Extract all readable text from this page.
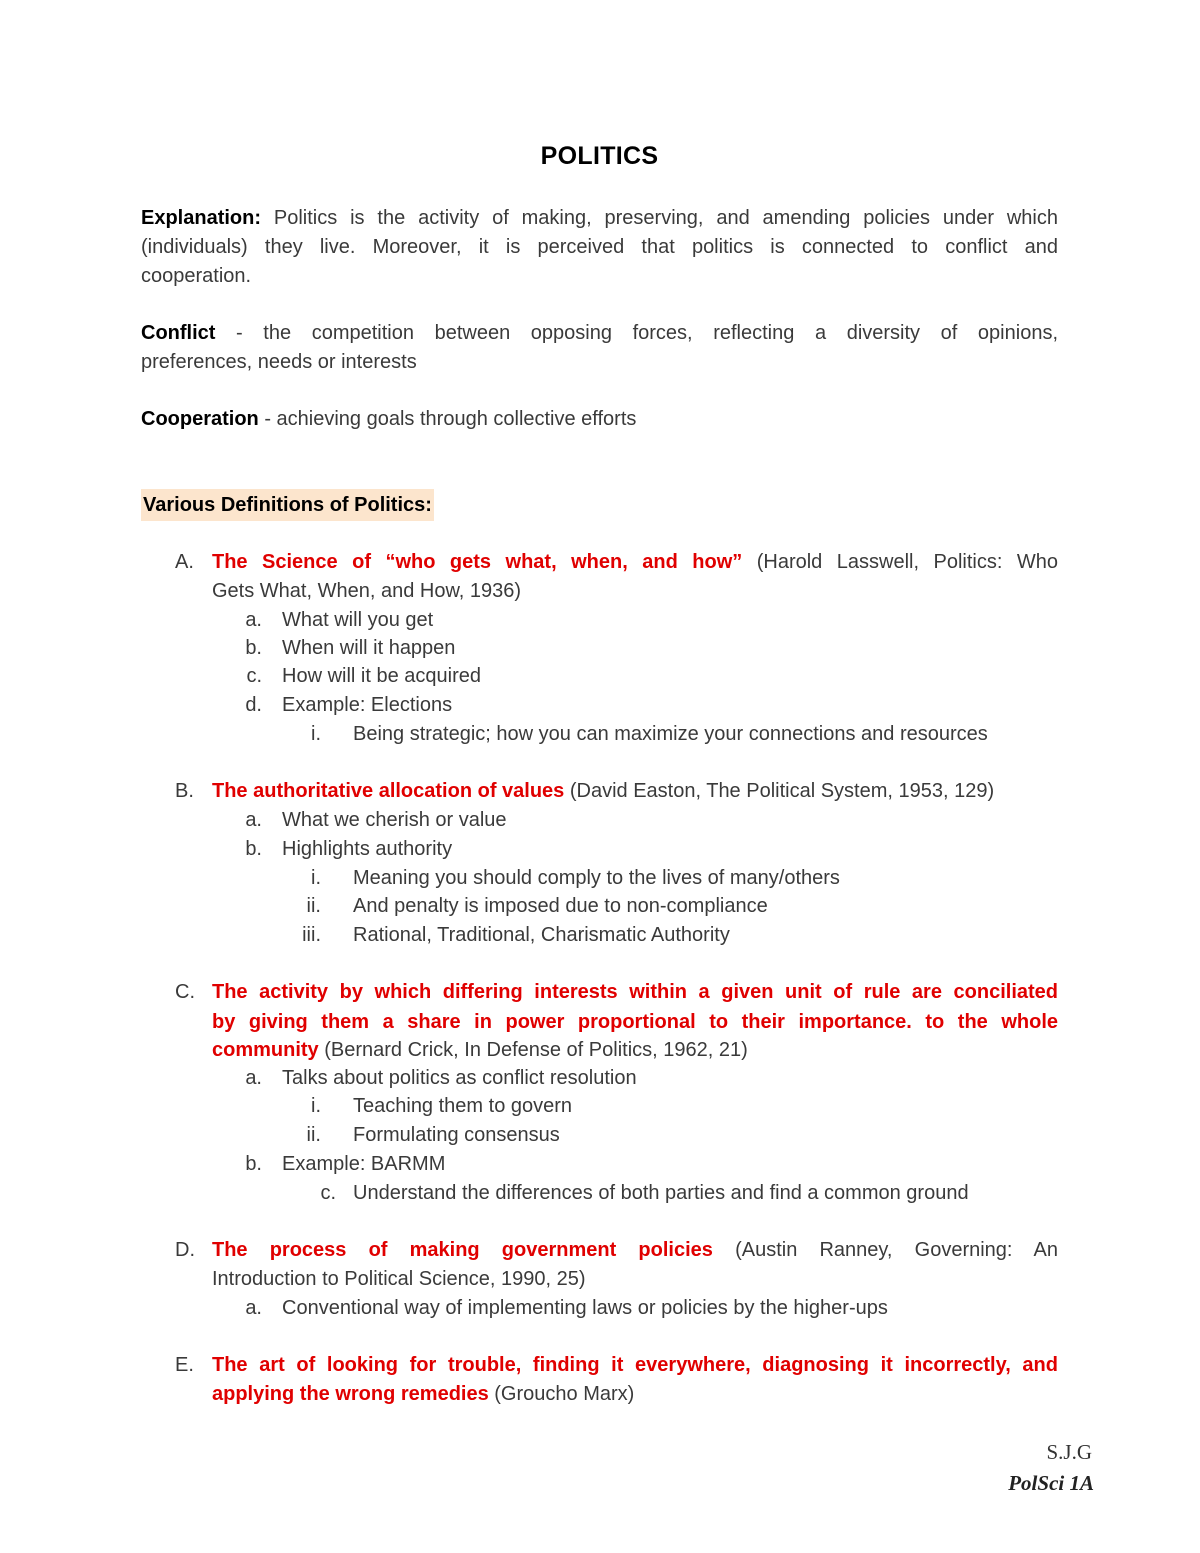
POLITICS
Explanation: Politics is the activity of making, preserving, and amending policies under which
(individuals) they live. Moreover, it is perceived that politics is connected to conflict and
cooperation.
Conflict - the competition between opposing forces, reflecting a diversity of opinions,
preferences, needs or interests
Cooperation - achieving goals through collective efforts
Various Definitions of Politics:
A. The Science of “who gets what, when, and how” (Harold Lasswell, Politics: Who
Gets What, When, and How, 1936)
a. What will you get
b. When will it happen
c. How will it be acquired
d. Example: Elections
i. Being strategic; how you can maximize your connections and resources
B. The authoritative allocation of values (David Easton, The Political System, 1953, 129)
a. What we cherish or value
b. Highlights authority
i. Meaning you should comply to the lives of many/others
ii. And penalty is imposed due to non-compliance
iii. Rational, Traditional, Charismatic Authority
C. The activity by which differing interests within a given unit of rule are conciliated
by giving them a share in power proportional to their importance. to the whole
community (Bernard Crick, In Defense of Politics, 1962, 21)
a. Talks about politics as conflict resolution
i. Teaching them to govern
ii. Formulating consensus
b. Example: BARMM
c. Understand the differences of both parties and find a common ground
D. The process of making government policies (Austin Ranney, Governing: An
Introduction to Political Science, 1990, 25)
a. Conventional way of implementing laws or policies by the higher-ups
E. The art of looking for trouble, finding it everywhere, diagnosing it incorrectly, and
applying the wrong remedies (Groucho Marx)
S.J.G
PolSci 1A
